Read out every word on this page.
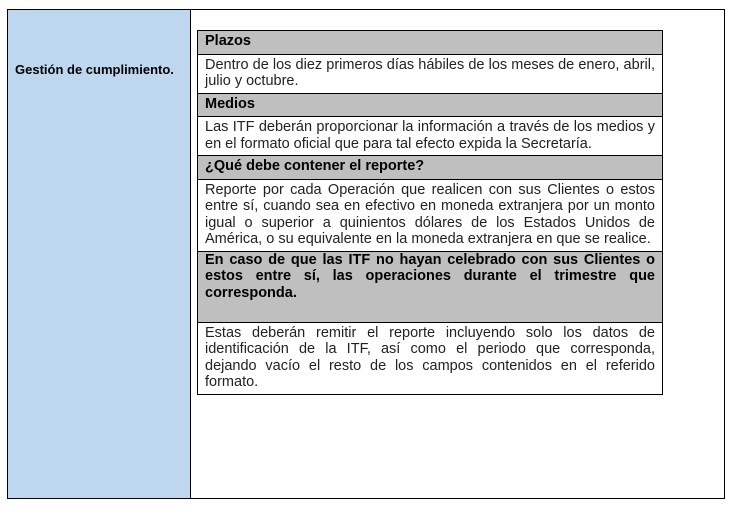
Gestión de cumplimiento.
Plazos
Dentro de los diez primeros días hábiles de los meses de enero, abril, julio y octubre.
Medios
Las ITF deberán proporcionar la información a través de los medios y en el formato oficial que para tal efecto expida la Secretaría.
¿Qué debe contener el reporte?
Reporte por cada Operación que realicen con sus Clientes o estos entre sí, cuando sea en efectivo en moneda extranjera por un monto igual o superior a quinientos dólares de los Estados Unidos de América, o su equivalente en la moneda extranjera en que se realice.
En caso de que las ITF no hayan celebrado con sus Clientes o estos entre sí, las operaciones durante el trimestre que corresponda.
Estas deberán remitir el reporte incluyendo solo los datos de identificación de la ITF, así como el periodo que corresponda, dejando vacío el resto de los campos contenidos en el referido formato.
